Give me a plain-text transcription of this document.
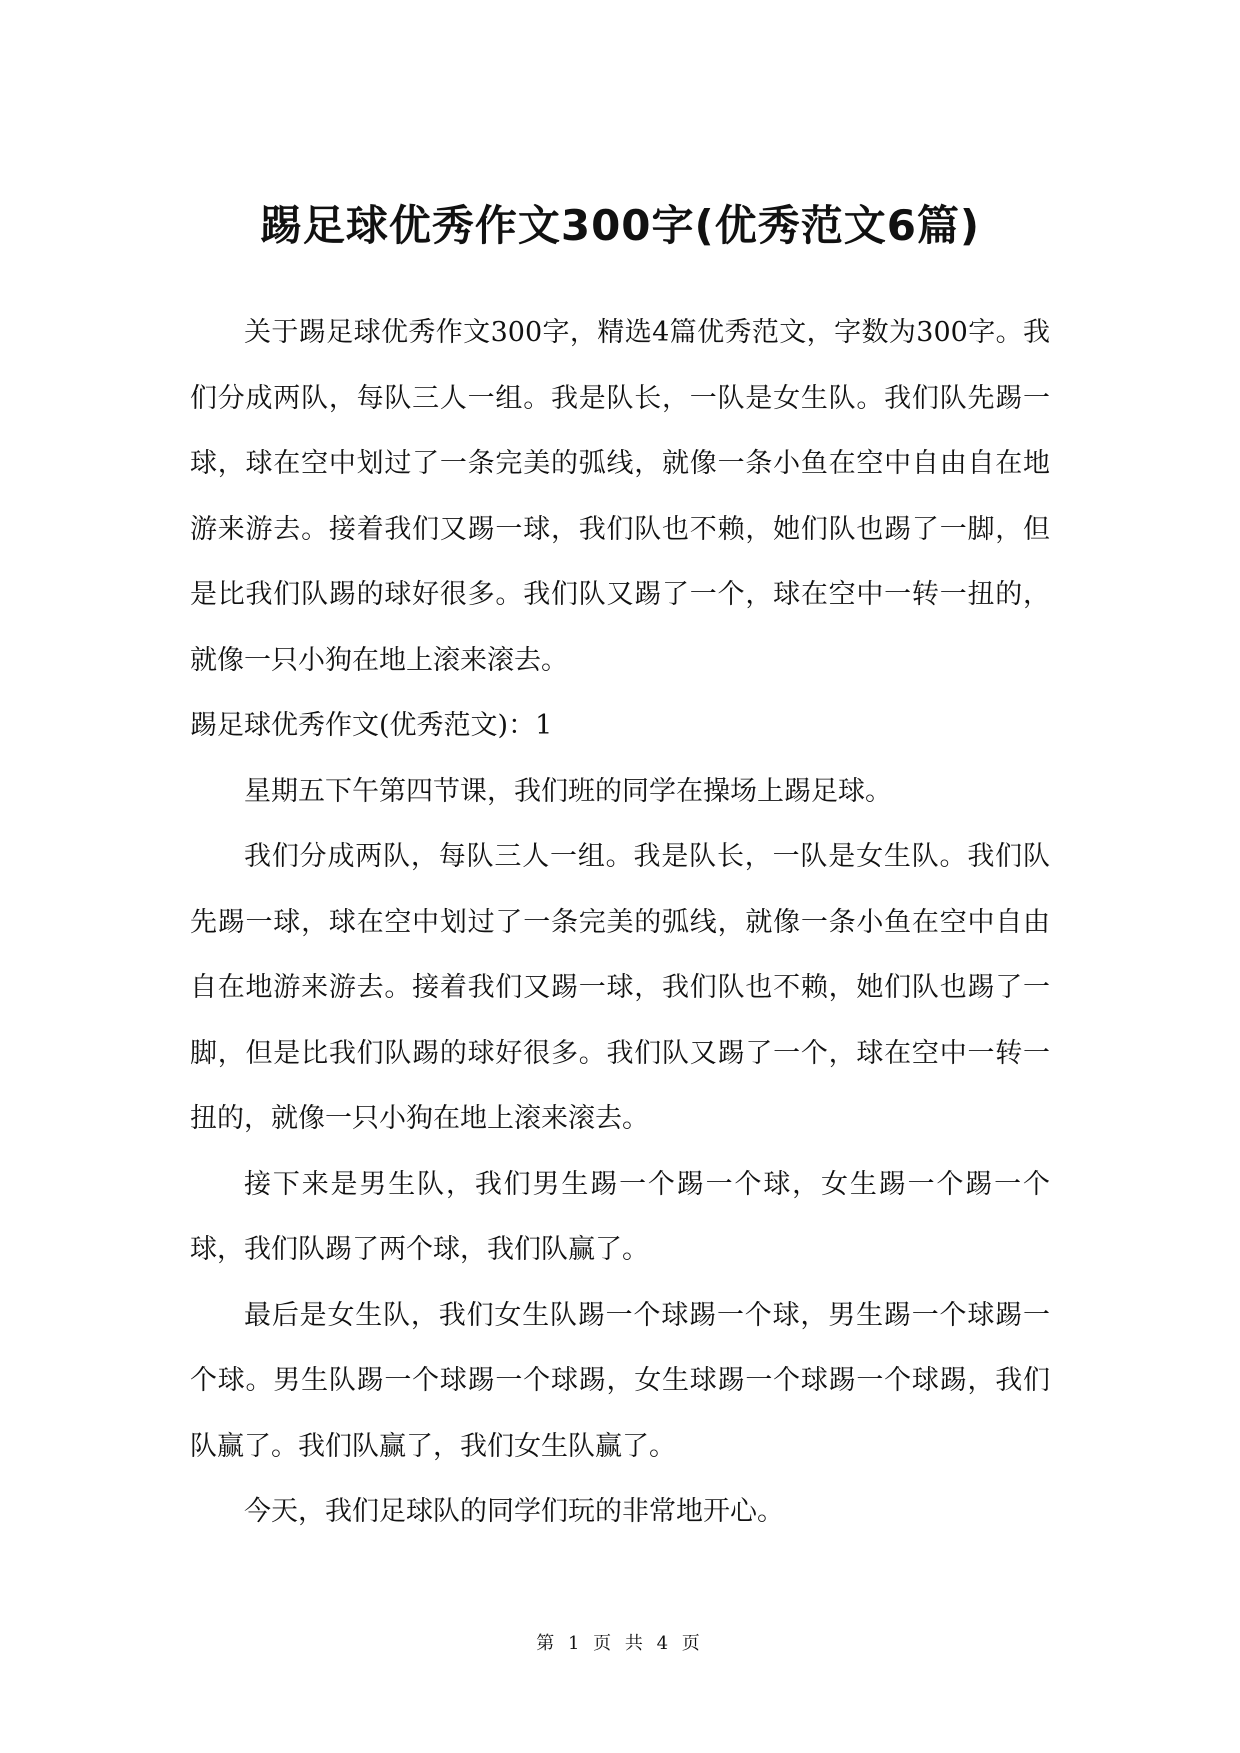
踢足球优秀作文300字(优秀范文6篇)

关于踢足球优秀作文300字，精选4篇优秀范文，字数为300字。我们分成两队，每队三人一组。我是队长，一队是女生队。我们队先踢一球，球在空中划过了一条完美的弧线，就像一条小鱼在空中自由自在地游来游去。接着我们又踢一球，我们队也不赖，她们队也踢了一脚，但是比我们队踢的球好很多。我们队又踢了一个，球在空中一转一扭的，就像一只小狗在地上滚来滚去。

踢足球优秀作文(优秀范文)：1

星期五下午第四节课，我们班的同学在操场上踢足球。

我们分成两队，每队三人一组。我是队长，一队是女生队。我们队先踢一球，球在空中划过了一条完美的弧线，就像一条小鱼在空中自由自在地游来游去。接着我们又踢一球，我们队也不赖，她们队也踢了一脚，但是比我们队踢的球好很多。我们队又踢了一个，球在空中一转一扭的，就像一只小狗在地上滚来滚去。

接下来是男生队，我们男生踢一个踢一个球，女生踢一个踢一个球，我们队踢了两个球，我们队赢了。

最后是女生队，我们女生队踢一个球踢一个球，男生踢一个球踢一个球。男生队踢一个球踢一个球踢，女生球踢一个球踢一个球踢，我们队赢了。我们队赢了，我们女生队赢了。

今天，我们足球队的同学们玩的非常地开心。

第 1 页 共 4 页
